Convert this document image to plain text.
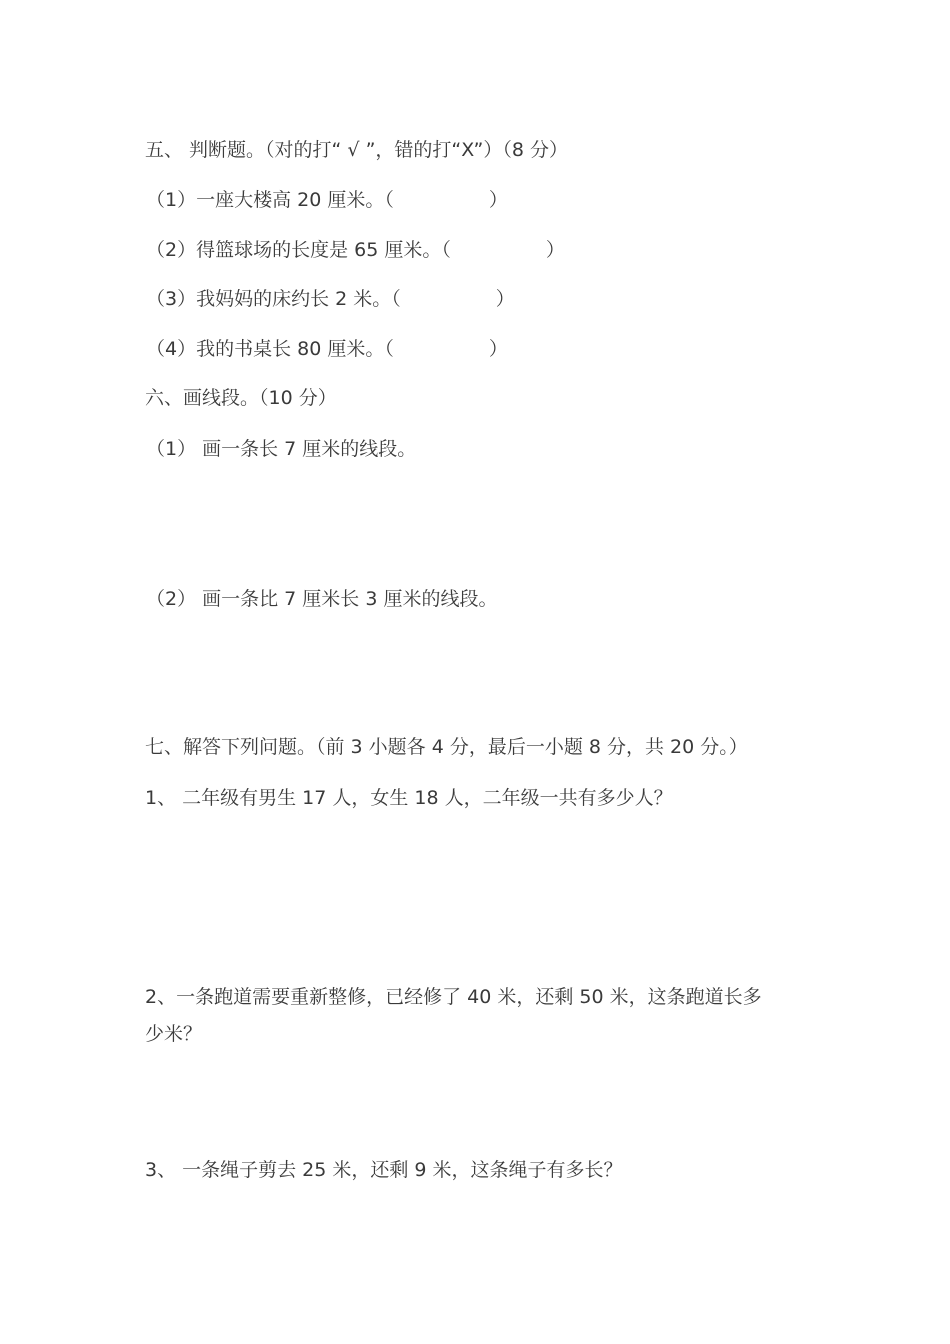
五、 判断题。（对的打“ √ ”，错的打“X”）（8 分）
（1）一座大楼高 20 厘米。（　　　　　）
（2）得篮球场的长度是 65 厘米。（　　　　　）
（3）我妈妈的床约长 2 米。（　　　　　）
（4）我的书桌长 80 厘米。（　　　　　）
六、画线段。（10 分）
（1） 画一条长 7 厘米的线段。
（2） 画一条比 7 厘米长 3 厘米的线段。
七、解答下列问题。（前 3 小题各 4 分，最后一小题 8 分，共 20 分。）
1、 二年级有男生 17 人，女生 18 人，二年级一共有多少人？
2、一条跑道需要重新整修，已经修了 40 米，还剩 50 米，这条跑道长多
少米？
3、 一条绳子剪去 25 米，还剩 9 米，这条绳子有多长？
